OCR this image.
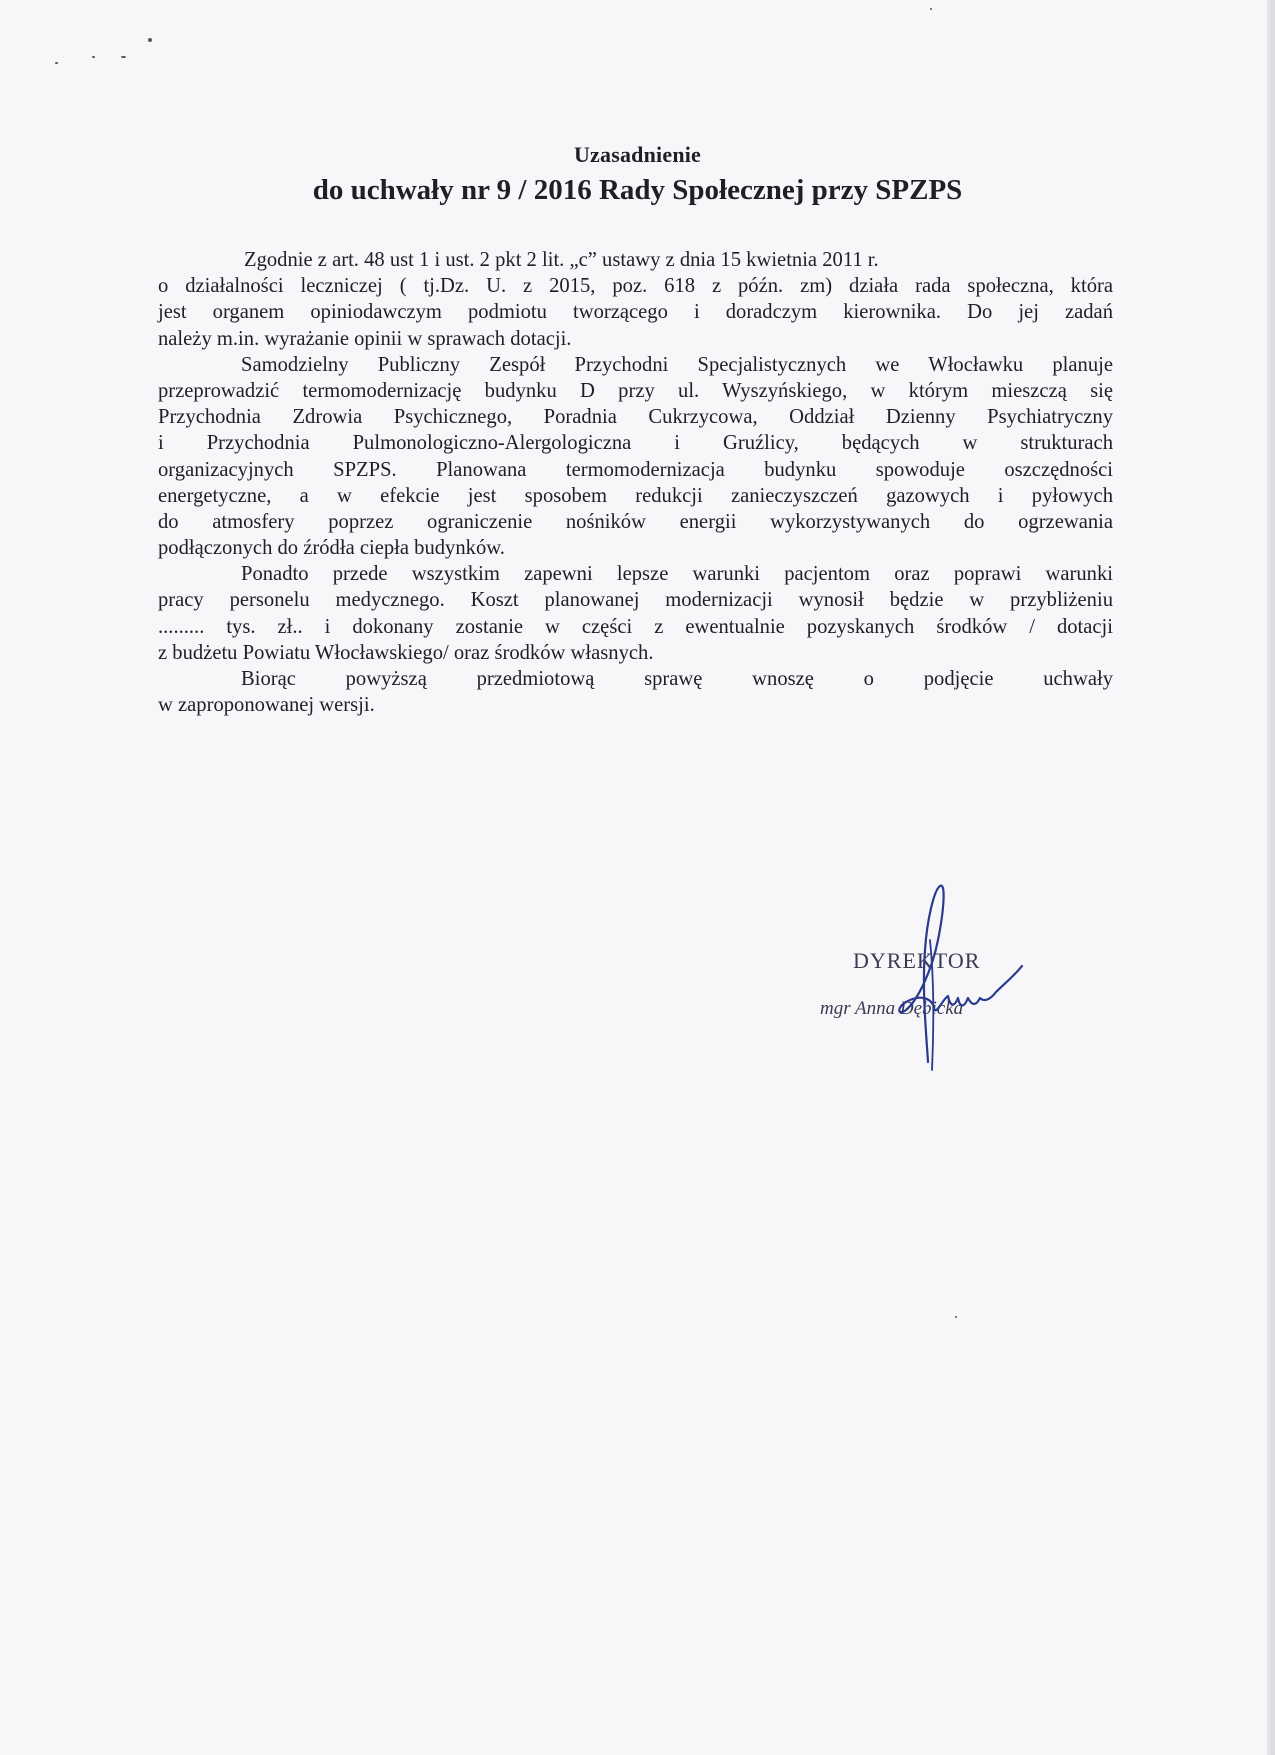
Uzasadnienie
do uchwały nr 9 / 2016 Rady Społecznej przy SPZPS
Zgodnie z art. 48 ust 1 i ust. 2 pkt 2 lit. „c” ustawy z dnia 15 kwietnia 2011 r.
o działalności leczniczej ( tj.Dz. U. z 2015, poz. 618 z późn. zm) działa rada społeczna, która
jest organem opiniodawczym podmiotu tworzącego i doradczym kierownika. Do jej zadań
należy m.in. wyrażanie opinii w sprawach dotacji.
Samodzielny Publiczny Zespół Przychodni Specjalistycznych we Włocławku planuje
przeprowadzić termomodernizację budynku D przy ul. Wyszyńskiego, w którym mieszczą się
Przychodnia Zdrowia Psychicznego, Poradnia Cukrzycowa, Oddział Dzienny Psychiatryczny
i Przychodnia Pulmonologiczno-Alergologiczna i Gruźlicy, będących w strukturach
organizacyjnych SPZPS. Planowana termomodernizacja budynku spowoduje oszczędności
energetyczne, a w efekcie jest sposobem redukcji zanieczyszczeń gazowych i pyłowych
do atmosfery poprzez ograniczenie nośników energii wykorzystywanych do ogrzewania
podłączonych do źródła ciepła budynków.
Ponadto przede wszystkim zapewni lepsze warunki pacjentom oraz poprawi warunki
pracy personelu medycznego. Koszt planowanej modernizacji wynosił będzie w przybliżeniu
......... tys. zł.. i dokonany zostanie w części z ewentualnie pozyskanych środków / dotacji
z budżetu Powiatu Włocławskiego/ oraz środków własnych.
Biorąc powyższą przedmiotową sprawę wnoszę o podjęcie uchwały
w zaproponowanej wersji.
DYREKTOR
mgr Anna Dębicka
